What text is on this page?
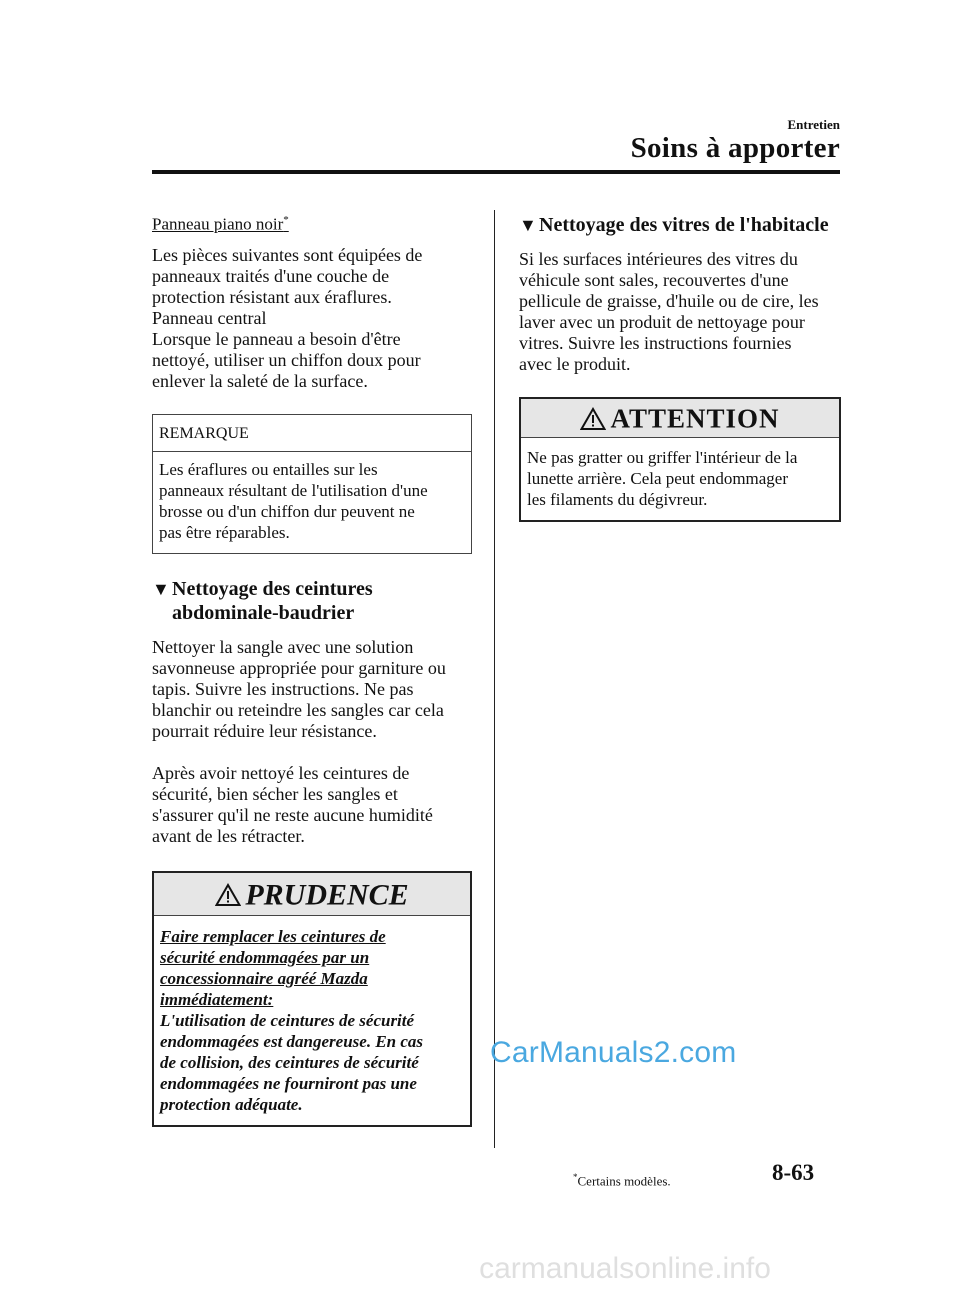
Entretien
Soins à apporter

Panneau piano noir*

Les pièces suivantes sont équipées de
panneaux traités d'une couche de
protection résistant aux éraflures.
Panneau central
Lorsque le panneau a besoin d'être
nettoyé, utiliser un chiffon doux pour
enlever la saleté de la surface.
REMARQUE
Les éraflures ou entailles sur les
panneaux résultant de l'utilisation d'une
brosse ou d'un chiffon dur peuvent ne
pas être réparables.
▼ Nettoyage des ceintures
abdominale-baudrier
Nettoyer la sangle avec une solution
savonneuse appropriée pour garniture ou
tapis. Suivre les instructions. Ne pas
blanchir ou reteindre les sangles car cela
pourrait réduire leur résistance.
Après avoir nettoyé les ceintures de
sécurité, bien sécher les sangles et
s'assurer qu'il ne reste aucune humidité
avant de les rétracter.
PRUDENCE
Faire remplacer les ceintures de
sécurité endommagées par un
concessionnaire agréé Mazda
immédiatement:
L'utilisation de ceintures de sécurité
endommagées est dangereuse. En cas
de collision, des ceintures de sécurité
endommagées ne fourniront pas une
protection adéquate.
▼ Nettoyage des vitres de l'habitacle
Si les surfaces intérieures des vitres du
véhicule sont sales, recouvertes d'une
pellicule de graisse, d'huile ou de cire, les
laver avec un produit de nettoyage pour
vitres. Suivre les instructions fournies
avec le produit.
ATTENTION
Ne pas gratter ou griffer l'intérieur de la
lunette arrière. Cela peut endommager
les filaments du dégivreur.
CarManuals2.com
*Certains modèles.	8-63
carmanualsonline.info
